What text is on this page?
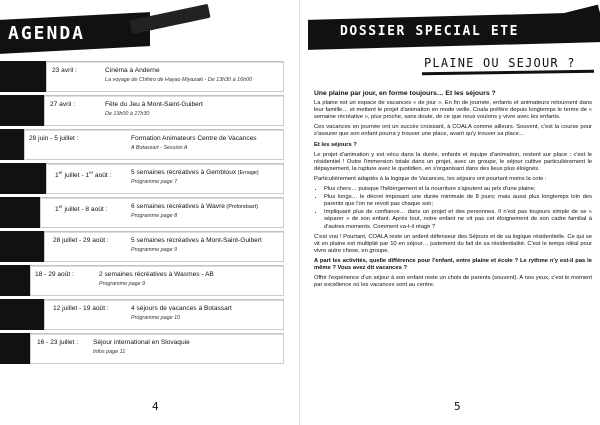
AGENDA
23 avril :	Cinéma à Anderne
La voyage de Chihiro de Hayao Miyazaki - De 13h30 à 16h00
27 avril :	Fête du Jeu à Mont-Saint-Guibert
De 13h00 à 17h30
28 juin - 5 juillet :	Formation Animateurs Centre de Vacances
A Botassart - Session A
1er juillet - 1er août :	5 semaines récréatives à Gembloux (Ernage)
Programme page 7
1er juillet - 8 août :	6 semaines récréatives à Wavre (Profondsart)
Programme page 8
28 juillet - 29 août :	5 semaines récréatives à Mont-Saint-Guibert
Programme page 9
18 - 29 août :	2 semaines récréatives à Wasmes - AB
Programme page 9
12 juillet - 19 août :	4 séjours de vacances à Botassart
Programme page 10
16 - 23 juillet : Séjour international en Slovaquie
Infos page 11
4
DOSSIER SPECIAL ETE
PLAINE OU SEJOUR ?

Une plaine par jour, en forme toujours… Et les séjours ?

La plaine est un espace de vacances « de jour ». En fin de journée, enfants et animateurs retournent dans leur famille… et mettent le projet d'animation en mode veille. Coala préfère depuis longtemps le terme de « semaine récréative », plus proche, sans doute, de ce que nous voulons y vivre avec les enfants.

Ces vacances en journée ont un succès croissant, à COALA comme ailleurs. Souvent, c'est la course pour s'assurer que son enfant pourra y trouver une place, avant qu'y trouver sa place…

Et les séjours ?

Le projet d'animation y est vécu dans la durée, enfants et équipe d'animation, restent sur place : c'est le résidentiel ! Outre l'immersion totale dans un projet, avec un groupe, le séjour cultive particulièrement le dépaysement, la rupture avec le quotidien, en s'organisant dans des lieux plus éloignés.

Particulièrement adaptés à la logique de Vacances, les séjours ont pourtant moins la cote :

• Plus chers… puisque l'hébergement et la nourriture s'ajoutent au prix d'une plaine;
• Plus longs… le décret imposant une durée minimale de 8 jours; mais aussi plus longtemps loin des parents que l'on ne revoit pas chaque soir;
• Impliquant plus de confiance… dans un projet et des personnes. Il n'est pas toujours simple de se « séparer » de son enfant. Après tout, notre enfant ne vit pas cet éloignement de son cadre familial à d'autres moments. Comment va-t-il réagir ?

C'est vrai ! Pourtant, COALA reste un ardent défenseur des Séjours et de sa logique résidentielle. Ce qui se vit en plaine est multiplié par 10 en séjour… justement du fait de sa résidentialité. C'est le temps idéal pour vivre autre chose, en groupe.

A part les activités, quelle différence pour l'enfant, entre plaine et école ? Le rythme n'y est-il pas le même ? Vous avez dit vacances ?

Offrir l'expérience d'un séjour à son enfant reste un choix de parents (souvent). A nos yeux, c'est le moment par excellence où les vacances sont au centre.

5
